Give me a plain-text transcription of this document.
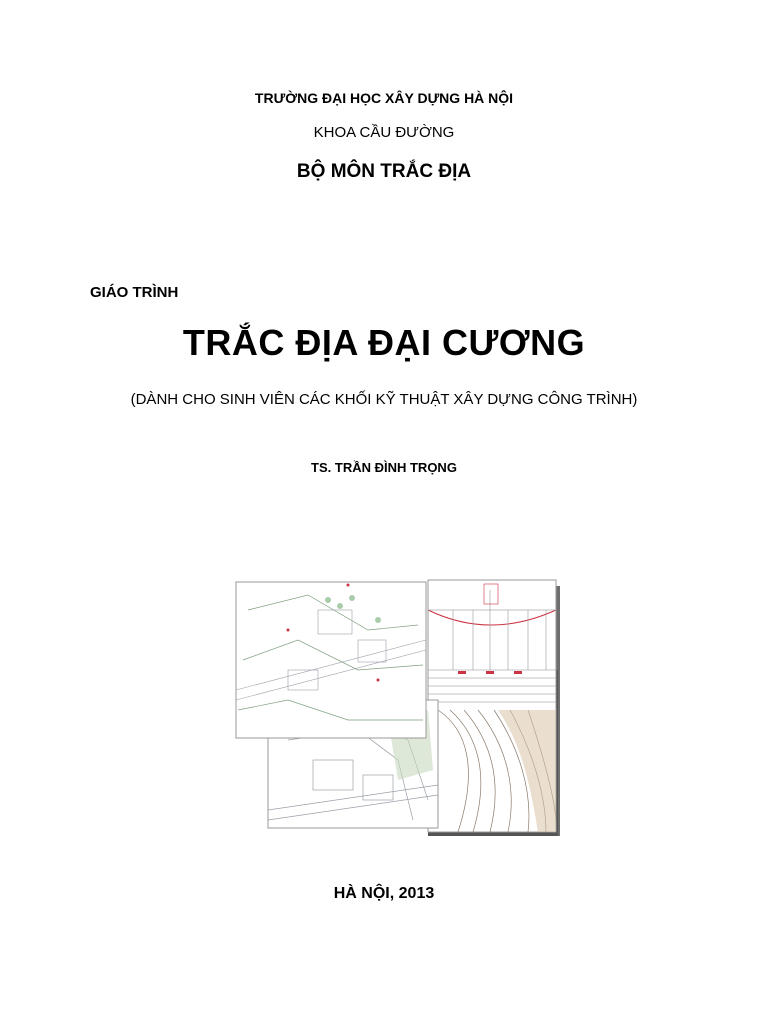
TRƯỜNG ĐẠI HỌC XÂY DỰNG HÀ NỘI
KHOA CẦU ĐƯỜNG
BỘ MÔN TRẮC ĐỊA
GIÁO TRÌNH
TRẮC ĐỊA ĐẠI CƯƠNG
(DÀNH CHO SINH VIÊN CÁC KHỐI KỸ THUẬT XÂY DỰNG CÔNG TRÌNH)
TS. TRẦN ĐÌNH TRỌNG
HÀ NỘI, 2013
